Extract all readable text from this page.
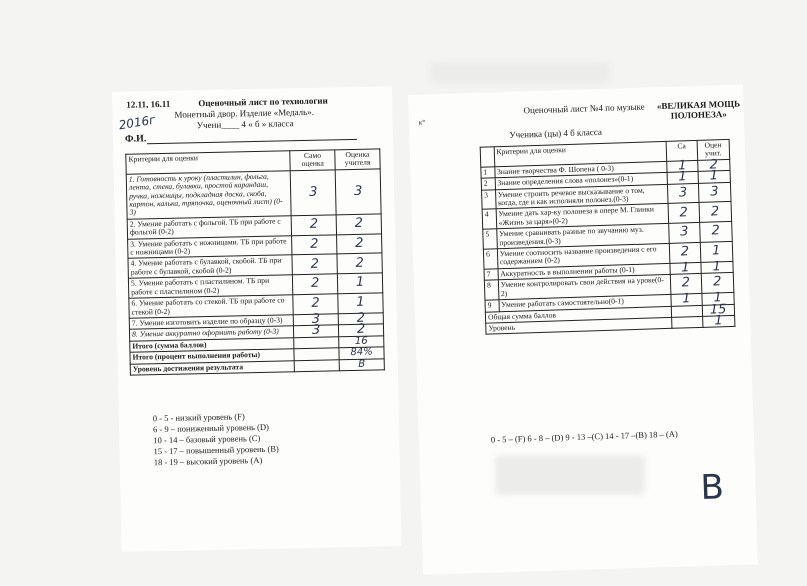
12.11, 16.11	Оценочный лист по технологии
Монетный двор. Изделие «Медаль».
Учени____ 4 « б » класса
2016г
Ф.И.
Критерии для оценки	Само оценка	Оценка учителя
1. Готовность к уроку (пластилин, фольга, лента, стека, булавки, простой карандаш, ручка, ножницы, подкладная доска, скоба, картон, калька, тряпочка, оценочный лист) (0-3)	3	3
2. Умение работать с фольгой. ТБ при работе с фольгой (0-2)	2	2
3. Умение работать с ножницами. ТБ при работе с ножницами (0-2)	2	2
4. Умение работать с булавкой, скобой. ТБ при работе с булавкой, скобой (0-2)	2	2
5. Умение работать с пластилином. ТБ при работе с пластилином (0-2)	2	1
6. Умение работать со стекой. ТБ при работе со стекой (0-2)	2	1
7. Умение изготовить изделие по образцу (0-3)	3	2
8. Умение аккуратно оформить работу (0-3)	3	2
Итого (сумма баллов)		16
Итого (процент выполнения работы)		84%
Уровень достижения результата		В
0 - 5 - низкий уровень (F)
6 - 9 – пониженный уровень (D)
10 - 14 – базовый уровень (C)
15 - 17 – повышенный уровень (B)
18 - 19 – высокий уровень (A)
к°
Оценочный лист №4 по музыке	«ВЕЛИКАЯ МОЩЬ ПОЛОНЕЗА»
Ученика (цы) 4 б класса
	Критерии для оценки	Са	Оцен учит.
1	Знание творчества Ф. Шопена ( 0-3)	1	2
2	Знание определения слова «полонез»(0-1)	1	1
3	Умение строить речевое высказывание о том, когда, где и как исполняли полонез.(0-3)	3	3
4	Умение дать хар-ку полонеза в опере М. Глинки «Жизнь за царя»(0-2)	2	2
5	Умение сравнивать разные по звучанию муз. произведения.(0-3)	3	2
6	Умение соотносить название произведения с его содержанием (0-2)	2	1
7	Аккуратность в выполнении работы (0-1)	1	1
8	Умение контролировать свои действия на уроке(0-2)	2	2
9	Умение работать самостоятельно(0-1)	1	1
Общая сумма баллов			15
Уровень			1
0 - 5 – (F) 6 - 8 – (D) 9 - 13 –(C) 14 - 17 –(B) 18 – (A)
B
